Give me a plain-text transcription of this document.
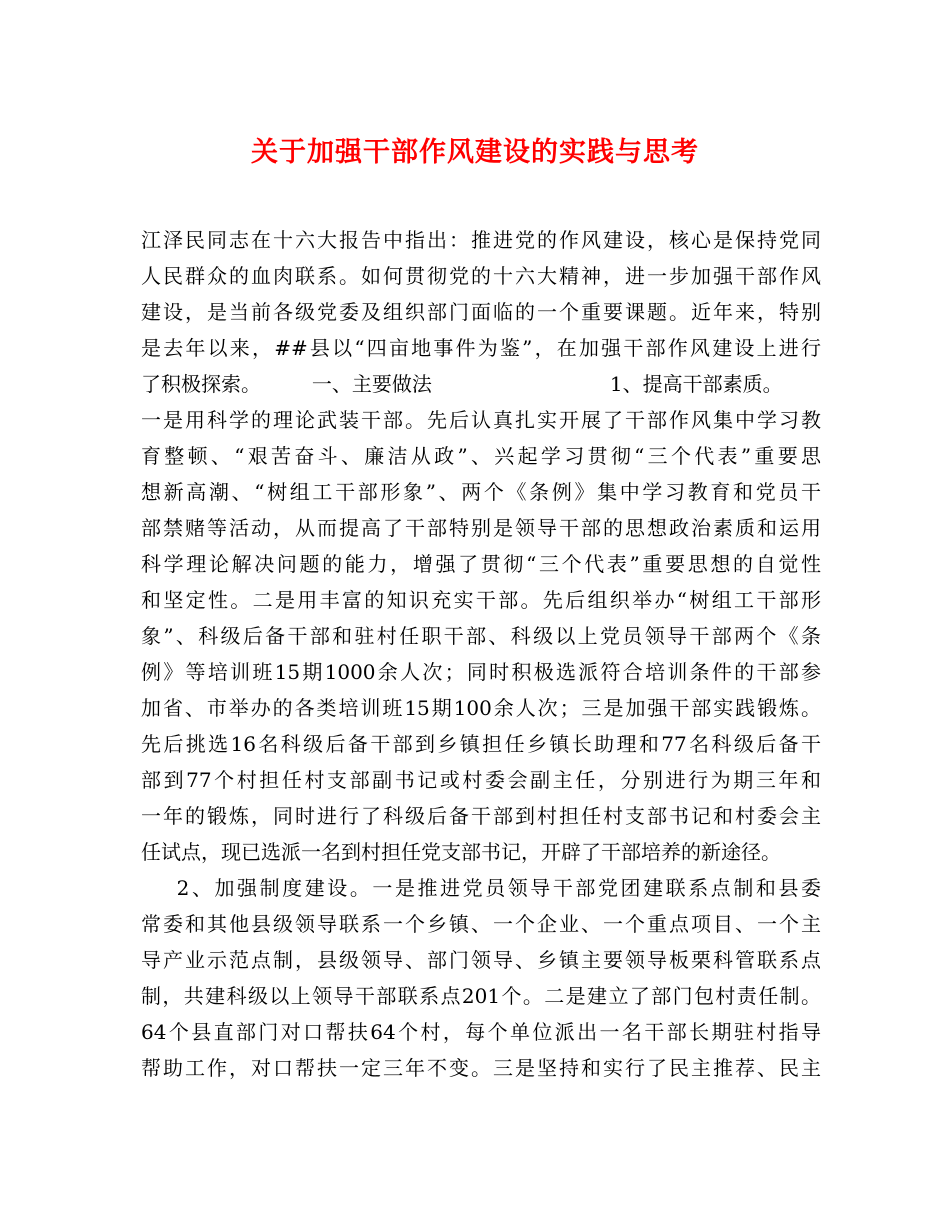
关于加强干部作风建设的实践与思考
江泽民同志在十六大报告中指出：推进党的作风建设，核心是保持党同
人民群众的血肉联系。如何贯彻党的十六大精神，进一步加强干部作风
建设，是当前各级党委及组织部门面临的一个重要课题。近年来，特别
是去年以来，##县以“四亩地事件为鉴”，在加强干部作风建设上进行
了积极探索。        一、主要做法                            1、提高干部素质。
一是用科学的理论武装干部。先后认真扎实开展了干部作风集中学习教
育整顿、“艰苦奋斗、廉洁从政”、兴起学习贯彻“三个代表”重要思
想新高潮、“树组工干部形象”、两个《条例》集中学习教育和党员干
部禁赌等活动，从而提高了干部特别是领导干部的思想政治素质和运用
科学理论解决问题的能力，增强了贯彻“三个代表”重要思想的自觉性
和坚定性。二是用丰富的知识充实干部。先后组织举办“树组工干部形
象”、科级后备干部和驻村任职干部、科级以上党员领导干部两个《条
例》等培训班15期1000余人次；同时积极选派符合培训条件的干部参
加省、市举办的各类培训班15期100余人次；三是加强干部实践锻炼。
先后挑选16名科级后备干部到乡镇担任乡镇长助理和77名科级后备干
部到77个村担任村支部副书记或村委会副主任，分别进行为期三年和
一年的锻炼，同时进行了科级后备干部到村担任村支部书记和村委会主
任试点，现已选派一名到村担任党支部书记，开辟了干部培养的新途径。
2、加强制度建设。一是推进党员领导干部党团建联系点制和县委
常委和其他县级领导联系一个乡镇、一个企业、一个重点项目、一个主
导产业示范点制，县级领导、部门领导、乡镇主要领导板栗科管联系点
制，共建科级以上领导干部联系点201个。二是建立了部门包村责任制。
64个县直部门对口帮扶64个村，每个单位派出一名干部长期驻村指导
帮助工作，对口帮扶一定三年不变。三是坚持和实行了民主推荐、民主
